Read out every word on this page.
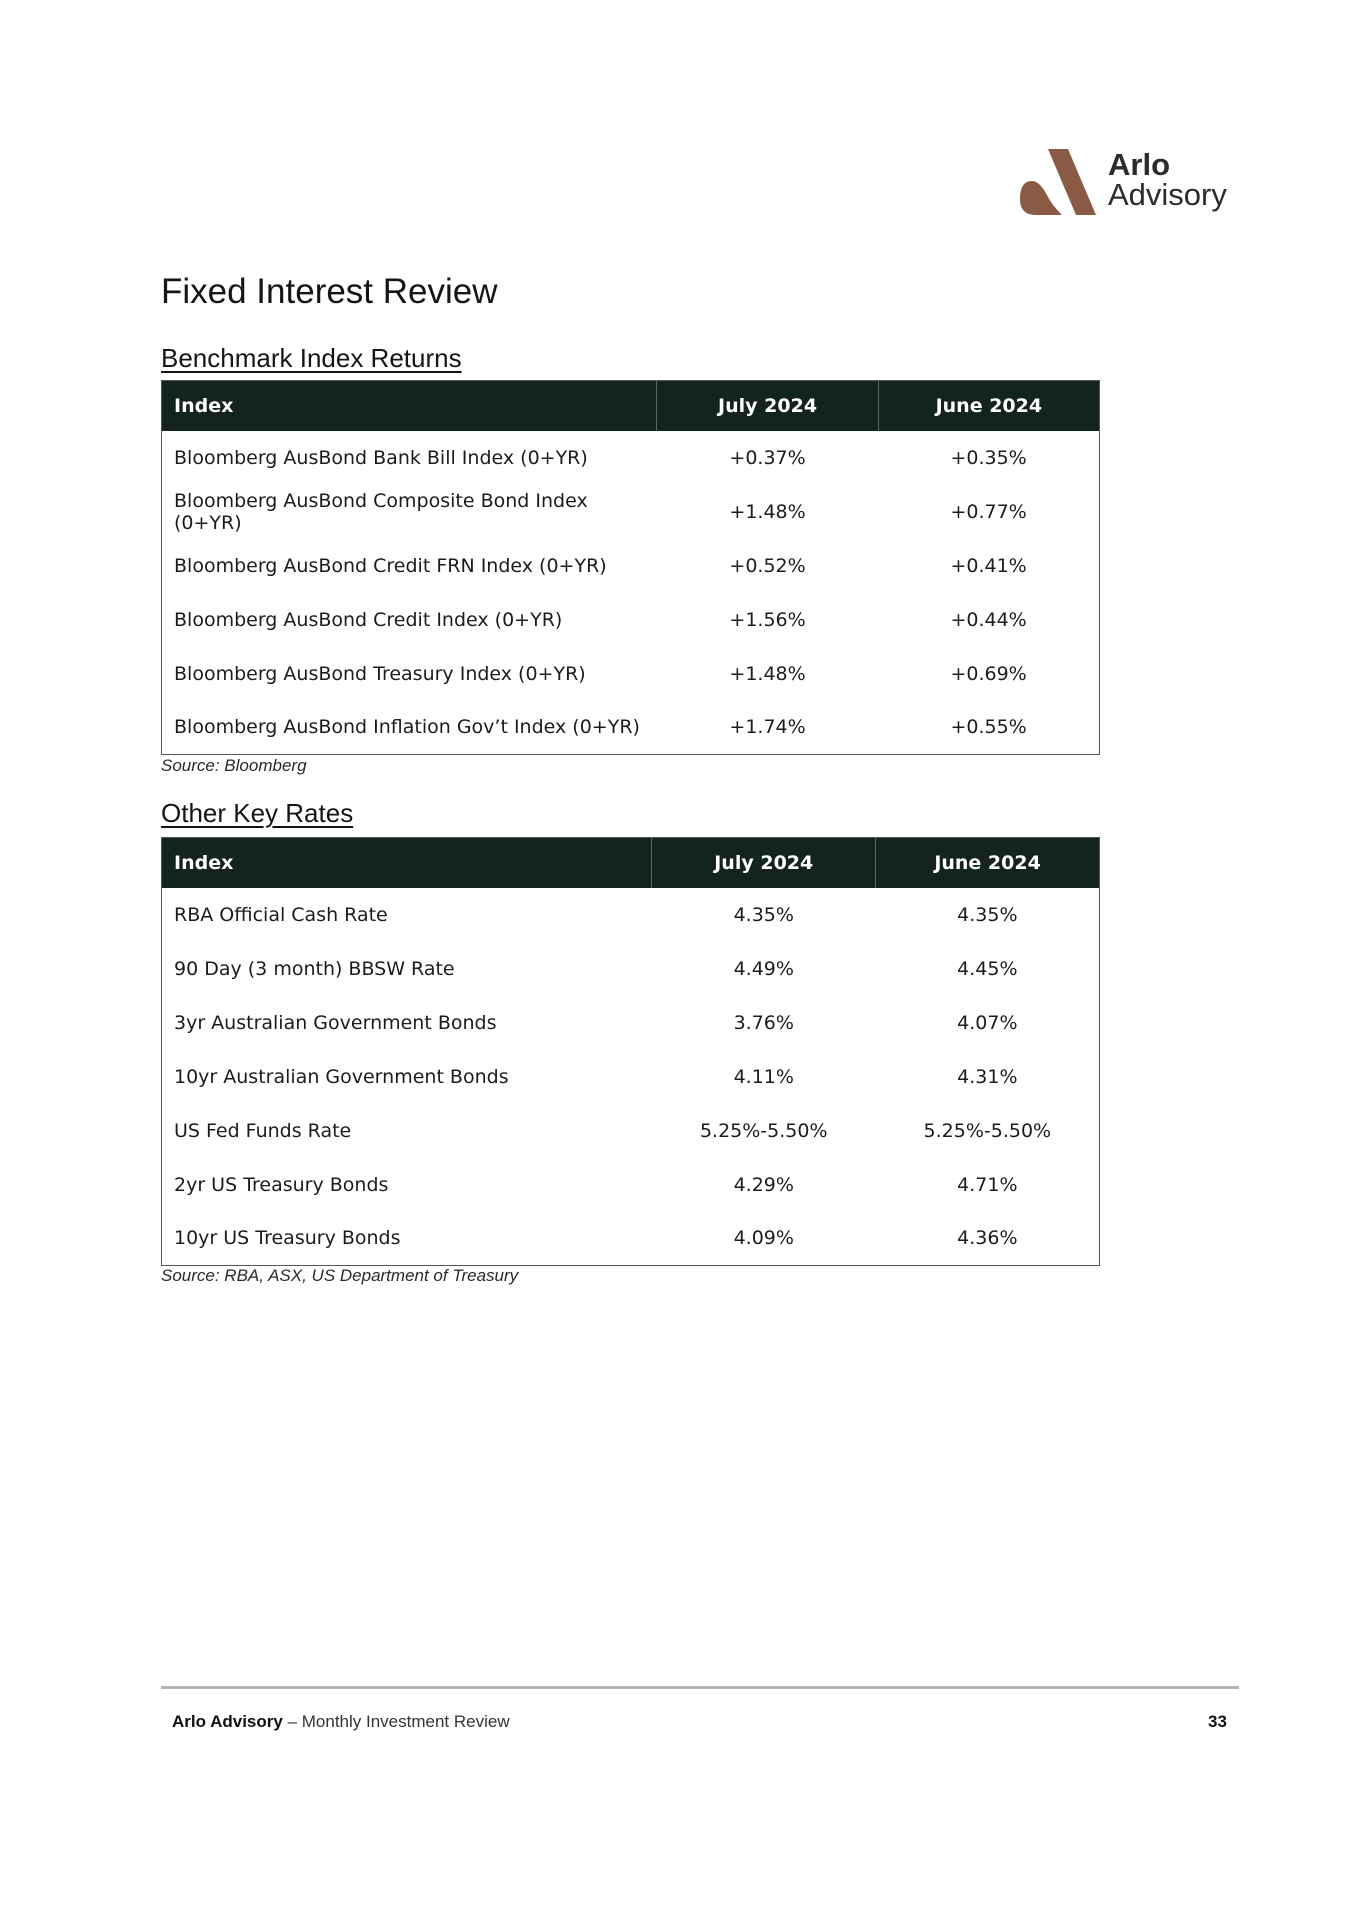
Arlo
Advisory
Fixed Interest Review
Benchmark Index Returns
Index	July 2024	June 2024
Bloomberg AusBond Bank Bill Index (0+YR)	+0.37%	+0.35%
Bloomberg AusBond Composite Bond Index (0+YR)	+1.48%	+0.77%
Bloomberg AusBond Credit FRN Index (0+YR)	+0.52%	+0.41%
Bloomberg AusBond Credit Index (0+YR)	+1.56%	+0.44%
Bloomberg AusBond Treasury Index (0+YR)	+1.48%	+0.69%
Bloomberg AusBond Inflation Gov’t Index (0+YR)	+1.74%	+0.55%

Source: Bloomberg

Other Key Rates
Index	July 2024	June 2024
RBA Official Cash Rate	4.35%	4.35%
90 Day (3 month) BBSW Rate	4.49%	4.45%
3yr Australian Government Bonds	3.76%	4.07%
10yr Australian Government Bonds	4.11%	4.31%
US Fed Funds Rate	5.25%-5.50%	5.25%-5.50%
2yr US Treasury Bonds	4.29%	4.71%
10yr US Treasury Bonds	4.09%	4.36%

Source: RBA, ASX, US Department of Treasury

Arlo Advisory – Monthly Investment Review	33
